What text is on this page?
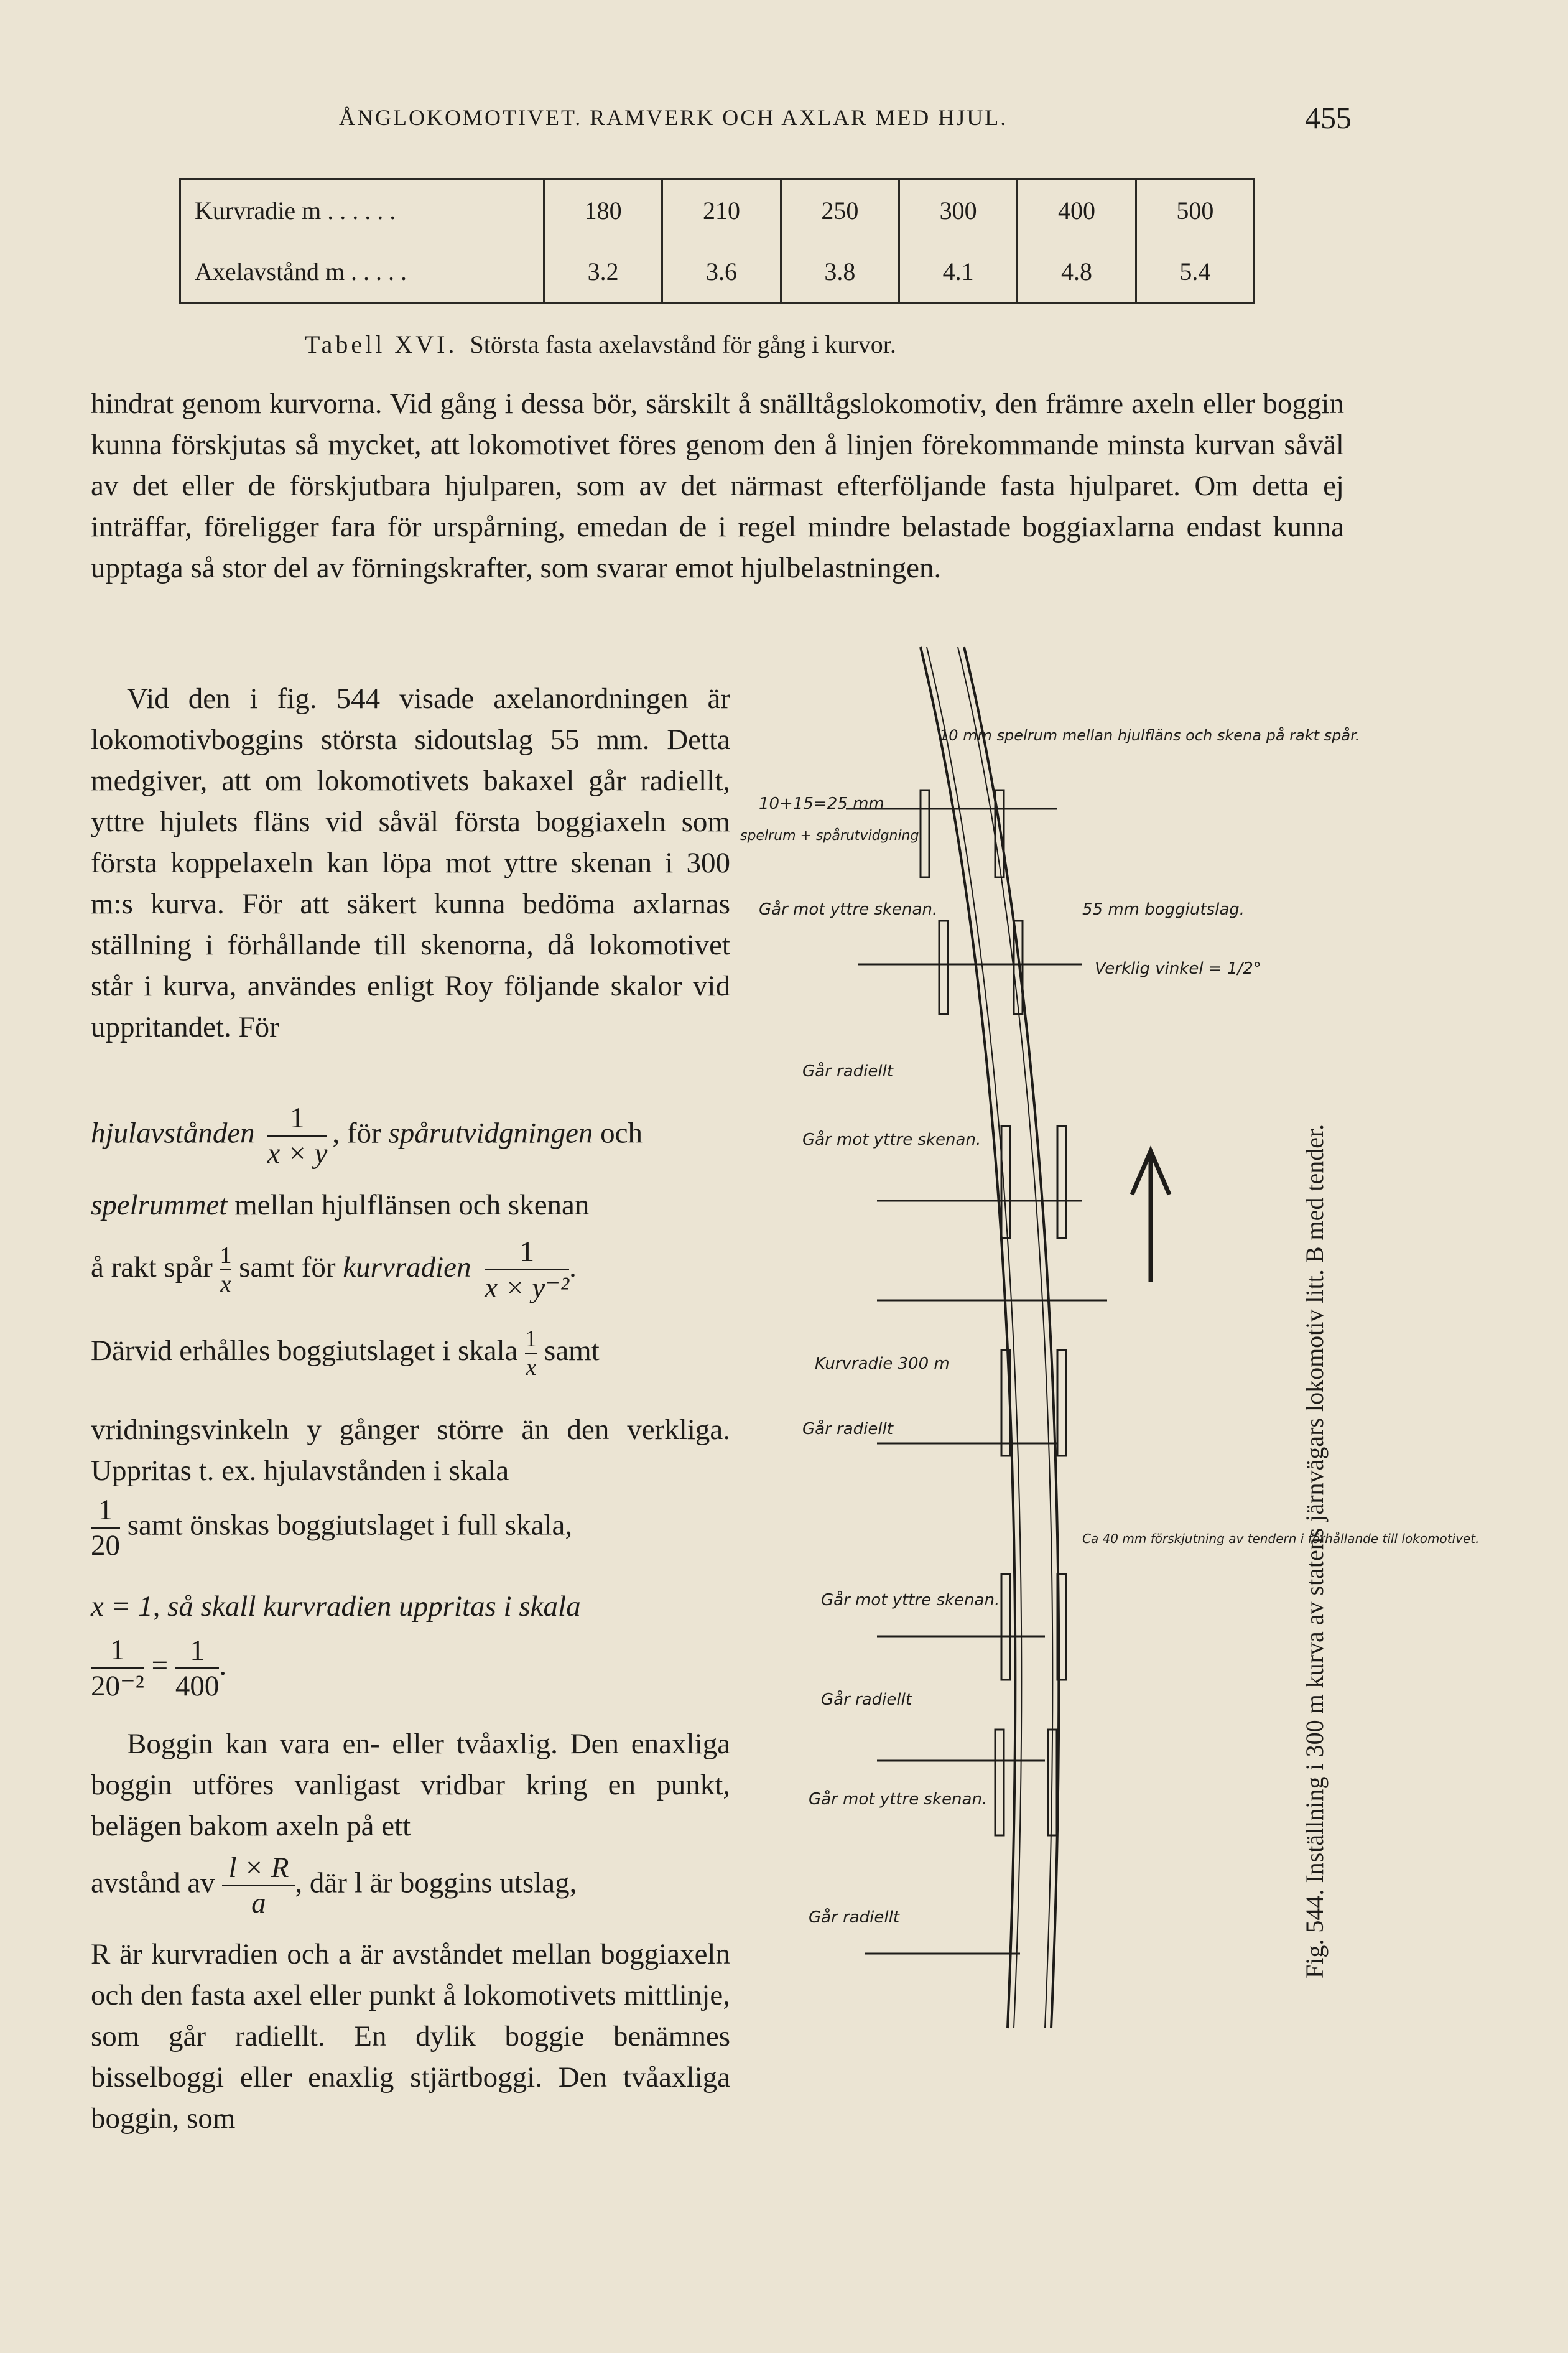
ÅNGLOKOMOTIVET. RAMVERK OCH AXLAR MED HJUL.	455
Kurvradie m . . . . . .	180	210	250	300	400	500
Axelavstånd m . . . . .	3.2	3.6	3.8	4.1	4.8	5.4
Tabell XVI. Största fasta axelavstånd för gång i kurvor.
hindrat genom kurvorna. Vid gång i dessa bör, särskilt å snälltågslokomotiv, den främre axeln eller boggin kunna förskjutas så mycket, att lokomotivet föres genom den å linjen förekommande minsta kurvan såväl av det eller de förskjutbara hjulparen, som av det närmast efterföljande fasta hjulparet. Om detta ej inträffar, föreligger fara för urspårning, emedan de i regel mindre belastade boggiaxlarna endast kunna upptaga så stor del av förningskrafter, som svarar emot hjulbelastningen.
Vid den i fig. 544 visade axelanordningen är lokomotivboggins största sidoutslag 55 mm. Detta medgiver, att om lokomotivets bakaxel går radiellt, yttre hjulets fläns vid såväl första boggiaxeln som första koppelaxeln kan löpa mot yttre skenan i 300 m:s kurva. För att säkert kunna bedöma axlarnas ställning i förhållande till skenorna, då lokomotivet står i kurva, användes enligt Roy följande skalor vid uppritandet. För
hjulavstånden $\frac{1}{x \times y}$ , för spårutvidgningen och
spelrummet mellan hjulflänsen och skenan
å rakt spår $\frac{1}{x}$ samt för kurvradien $\frac{1}{\text{x × y⁻²}}$ .
Därvid erhålles boggiutslaget i skala $\frac{1}{x}$ samt
vridningsvinkeln y gånger större än den verkliga. Uppritas t. ex. hjulavstånden i skala
$\frac{1}{20}$ samt önskas boggiutslaget i full skala,
x = 1, så skall kurvradien uppritas i skala
$\frac{1}{\text{20⁻²}} = \frac{1}{400}$ .
Boggin kan vara en- eller tvåaxlig. Den enaxliga boggin utföres vanligast vridbar kring en punkt, belägen bakom axeln på ett
avstånd av $\frac{l \times R}{a}$ , där l är boggins utslag,
R är kurvradien och a är avståndet mellan boggiaxeln och den fasta axel eller punkt å lokomotivets mittlinje, som går radiellt. En dylik boggie benämnes bisselboggi eller enaxlig stjärtboggi. Den tvåaxliga boggin, som
10 mm spelrum mellan hjulfläns och skena på rakt spår.
10+15=25 mm
spelrum + spårutvidgning.
Går mot yttre skenan.	55 mm boggiutslag.
Verklig vinkel = 1/2°
Går radiellt
Går mot yttre skenan.
Kurvradie 300 m
Går radiellt
Ca 40 mm förskjutning av tendern i förhållande till lokomotivet.
Går mot yttre skenan.
Går radiellt
Går mot yttre skenan.
Går radiellt	Fig. 544. Inställning i 300 m kurva av statens järnvägars lokomotiv litt. B med tender.
